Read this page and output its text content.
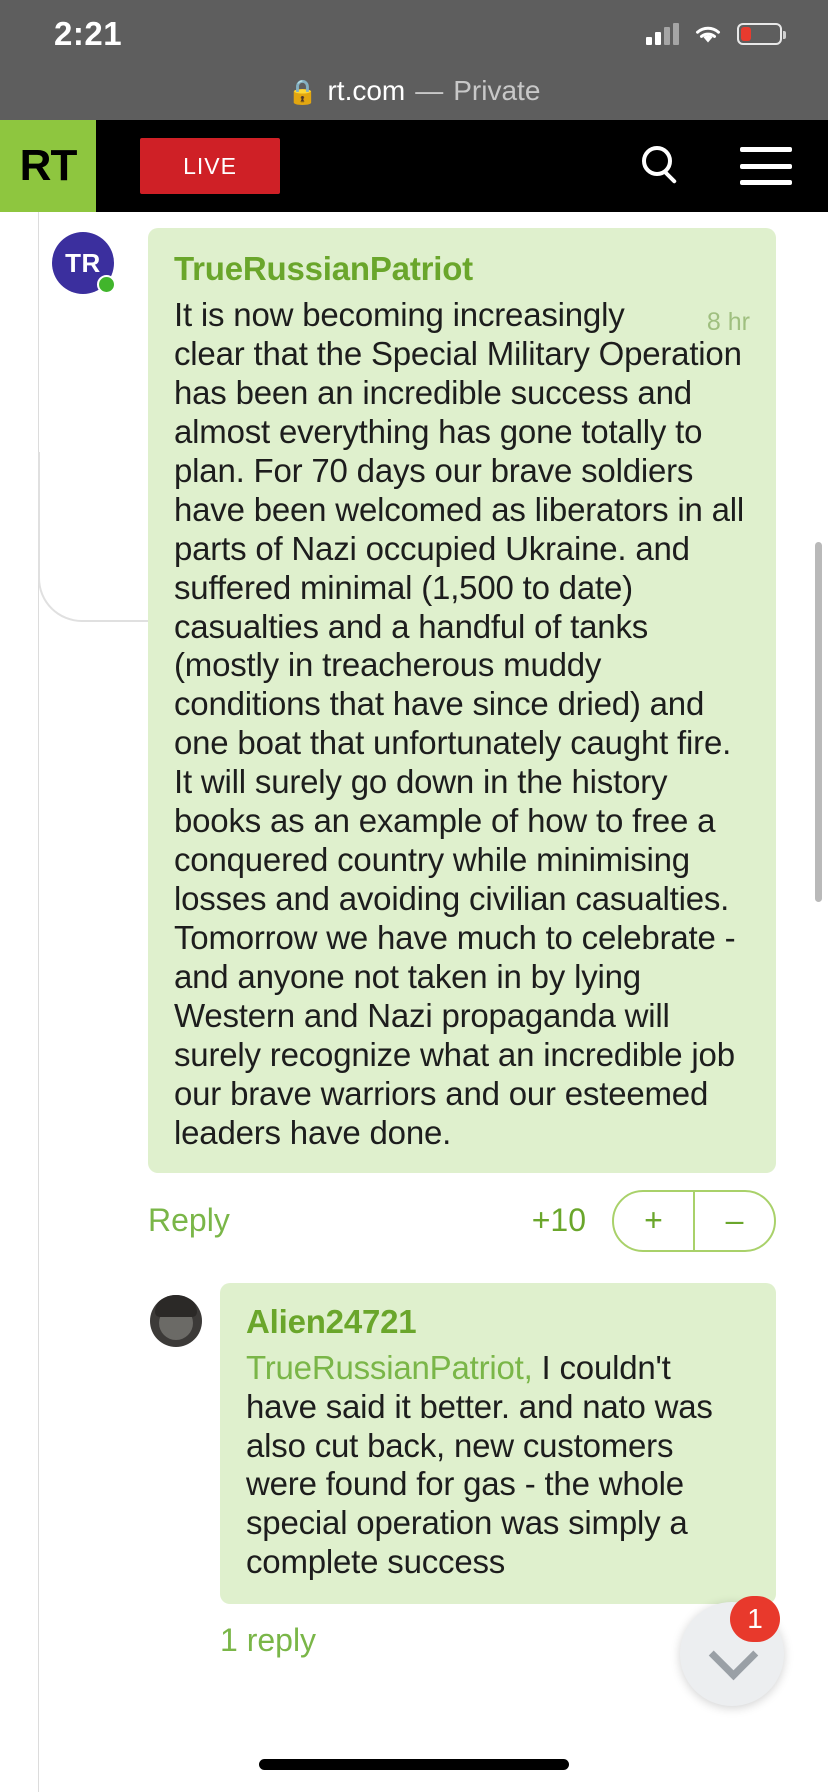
2:21
🔒 rt.com — Private
RT	LIVE
TR	TrueRussianPatriot
8 hr
It is now becoming increasingly clear that the Special Military Operation has been an incredible success and almost everything has gone totally to plan. For 70 days our brave soldiers have been welcomed as liberators in all parts of Nazi occupied Ukraine. and suffered minimal (1,500 to date) casualties and a handful of tanks (mostly in treacherous muddy conditions that have since dried) and one boat that unfortunately caught fire. It will surely go down in the history books as an example of how to free a conquered country while minimising losses and avoiding civilian casualties. Tomorrow we have much to celebrate - and anyone not taken in by lying Western and Nazi propaganda will surely recognize what an incredible job our brave warriors and our esteemed leaders have done.
Reply	+10	+	–
Alien24721
TrueRussianPatriot, I couldn't have said it better. and nato was also cut back, new customers were found for gas - the whole special operation was simply a complete success
1 reply
1
